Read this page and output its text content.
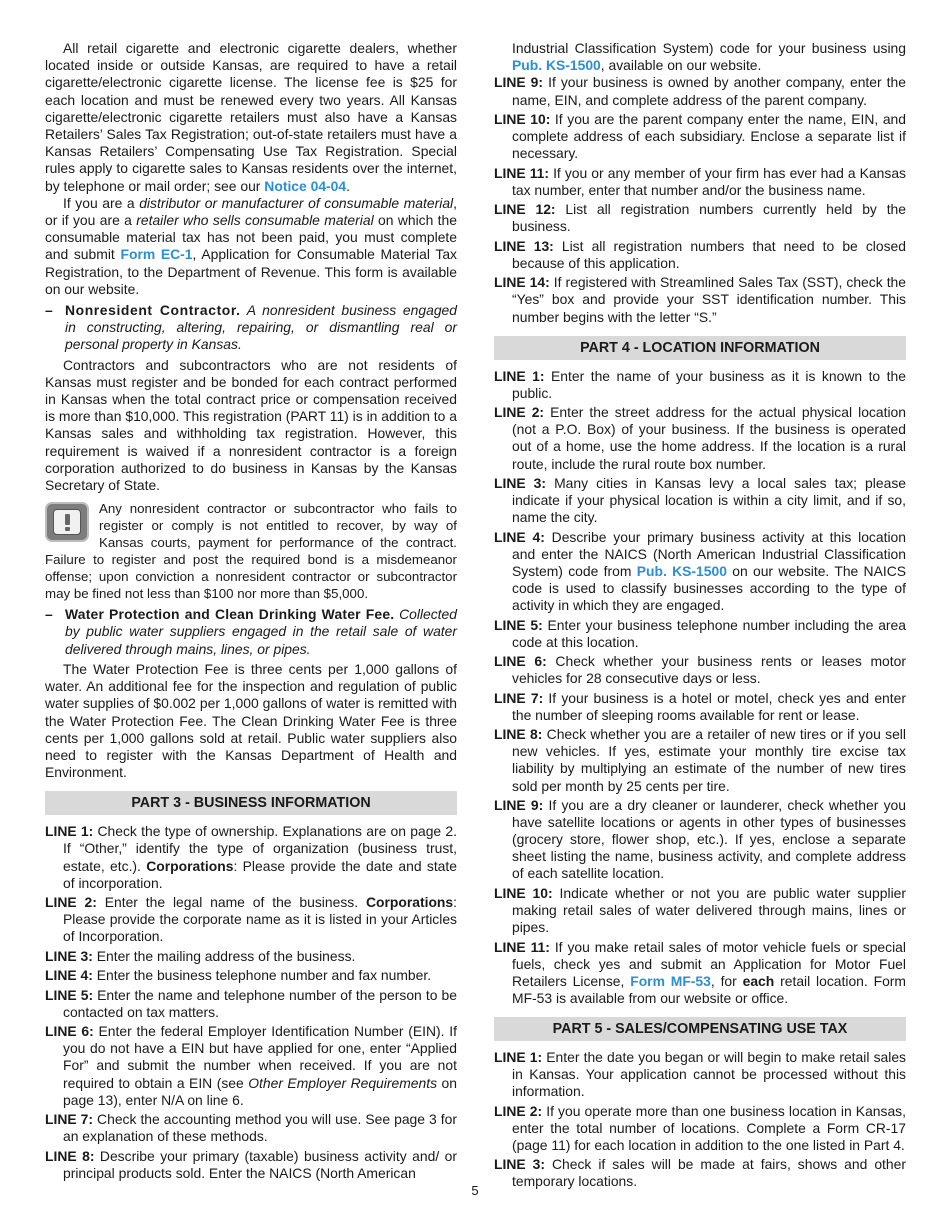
All retail cigarette and electronic cigarette dealers, whether located inside or outside Kansas, are required to have a retail cigarette/electronic cigarette license. The license fee is $25 for each location and must be renewed every two years. All Kansas cigarette/electronic cigarette retailers must also have a Kansas Retailers’ Sales Tax Registration; out-of-state retailers must have a Kansas Retailers’ Compensating Use Tax Registration. Special rules apply to cigarette sales to Kansas residents over the internet, by telephone or mail order; see our Notice 04-04.

If you are a distributor or manufacturer of consumable material, or if you are a retailer who sells consumable material on which the consumable material tax has not been paid, you must complete and submit Form EC-1, Application for Consumable Material Tax Registration, to the Department of Revenue. This form is available on our website.

– Nonresident Contractor. A nonresident business engaged in constructing, altering, repairing, or dismantling real or personal property in Kansas.

Contractors and subcontractors who are not residents of Kansas must register and be bonded for each contract performed in Kansas when the total contract price or compensation received is more than $10,000. This registration (PART 11) is in addition to a Kansas sales and withholding tax registration. However, this requirement is waived if a nonresident contractor is a foreign corporation authorized to do business in Kansas by the Kansas Secretary of State.

Any nonresident contractor or subcontractor who fails to register or comply is not entitled to recover, by way of Kansas courts, payment for performance of the contract. Failure to register and post the required bond is a misdemeanor offense; upon conviction a nonresident contractor or subcontractor may be fined not less than $100 nor more than $5,000.

– Water Protection and Clean Drinking Water Fee. Collected by public water suppliers engaged in the retail sale of water delivered through mains, lines, or pipes.

The Water Protection Fee is three cents per 1,000 gallons of water. An additional fee for the inspection and regulation of public water supplies of $0.002 per 1,000 gallons of water is remitted with the Water Protection Fee. The Clean Drinking Water Fee is three cents per 1,000 gallons sold at retail. Public water suppliers also need to register with the Kansas Department of Health and Environment.

PART 3 - BUSINESS INFORMATION

LINE 1: Check the type of ownership. Explanations are on page 2. If “Other,” identify the type of organization (business trust, estate, etc.). Corporations: Please provide the date and state of incorporation.

LINE 2: Enter the legal name of the business. Corporations: Please provide the corporate name as it is listed in your Articles of Incorporation.

LINE 3: Enter the mailing address of the business.

LINE 4: Enter the business telephone number and fax number.

LINE 5: Enter the name and telephone number of the person to be contacted on tax matters.

LINE 6: Enter the federal Employer Identification Number (EIN). If you do not have a EIN but have applied for one, enter “Applied For” and submit the number when received. If you are not required to obtain a EIN (see Other Employer Requirements on page 13), enter N/A on line 6.

LINE 7: Check the accounting method you will use. See page 3 for an explanation of these methods.

LINE 8: Describe your primary (taxable) business activity and/ or principal products sold. Enter the NAICS (North American

Industrial Classification System) code for your business using Pub. KS-1500, available on our website.

LINE 9: If your business is owned by another company, enter the name, EIN, and complete address of the parent company.

LINE 10: If you are the parent company enter the name, EIN, and complete address of each subsidiary. Enclose a separate list if necessary.

LINE 11: If you or any member of your firm has ever had a Kansas tax number, enter that number and/or the business name.

LINE 12: List all registration numbers currently held by the business.

LINE 13: List all registration numbers that need to be closed because of this application.

LINE 14: If registered with Streamlined Sales Tax (SST), check the “Yes” box and provide your SST identification number. This number begins with the letter “S.”

PART 4 - LOCATION INFORMATION

LINE 1: Enter the name of your business as it is known to the public.

LINE 2: Enter the street address for the actual physical location (not a P.O. Box) of your business. If the business is operated out of a home, use the home address. If the location is a rural route, include the rural route box number.

LINE 3: Many cities in Kansas levy a local sales tax; please indicate if your physical location is within a city limit, and if so, name the city.

LINE 4: Describe your primary business activity at this location and enter the NAICS (North American Industrial Classification System) code from Pub. KS-1500 on our website. The NAICS code is used to classify businesses according to the type of activity in which they are engaged.

LINE 5: Enter your business telephone number including the area code at this location.

LINE 6: Check whether your business rents or leases motor vehicles for 28 consecutive days or less.

LINE 7: If your business is a hotel or motel, check yes and enter the number of sleeping rooms available for rent or lease.

LINE 8: Check whether you are a retailer of new tires or if you sell new vehicles. If yes, estimate your monthly tire excise tax liability by multiplying an estimate of the number of new tires sold per month by 25 cents per tire.

LINE 9: If you are a dry cleaner or launderer, check whether you have satellite locations or agents in other types of businesses (grocery store, flower shop, etc.). If yes, enclose a separate sheet listing the name, business activity, and complete address of each satellite location.

LINE 10: Indicate whether or not you are public water supplier making retail sales of water delivered through mains, lines or pipes.

LINE 11: If you make retail sales of motor vehicle fuels or special fuels, check yes and submit an Application for Motor Fuel Retailers License, Form MF-53, for each retail location. Form MF-53 is available from our website or office.

PART 5 - SALES/COMPENSATING USE TAX

LINE 1: Enter the date you began or will begin to make retail sales in Kansas. Your application cannot be processed without this information.

LINE 2: If you operate more than one business location in Kansas, enter the total number of locations. Complete a Form CR-17 (page 11) for each location in addition to the one listed in Part 4.

LINE 3: Check if sales will be made at fairs, shows and other temporary locations.

5
